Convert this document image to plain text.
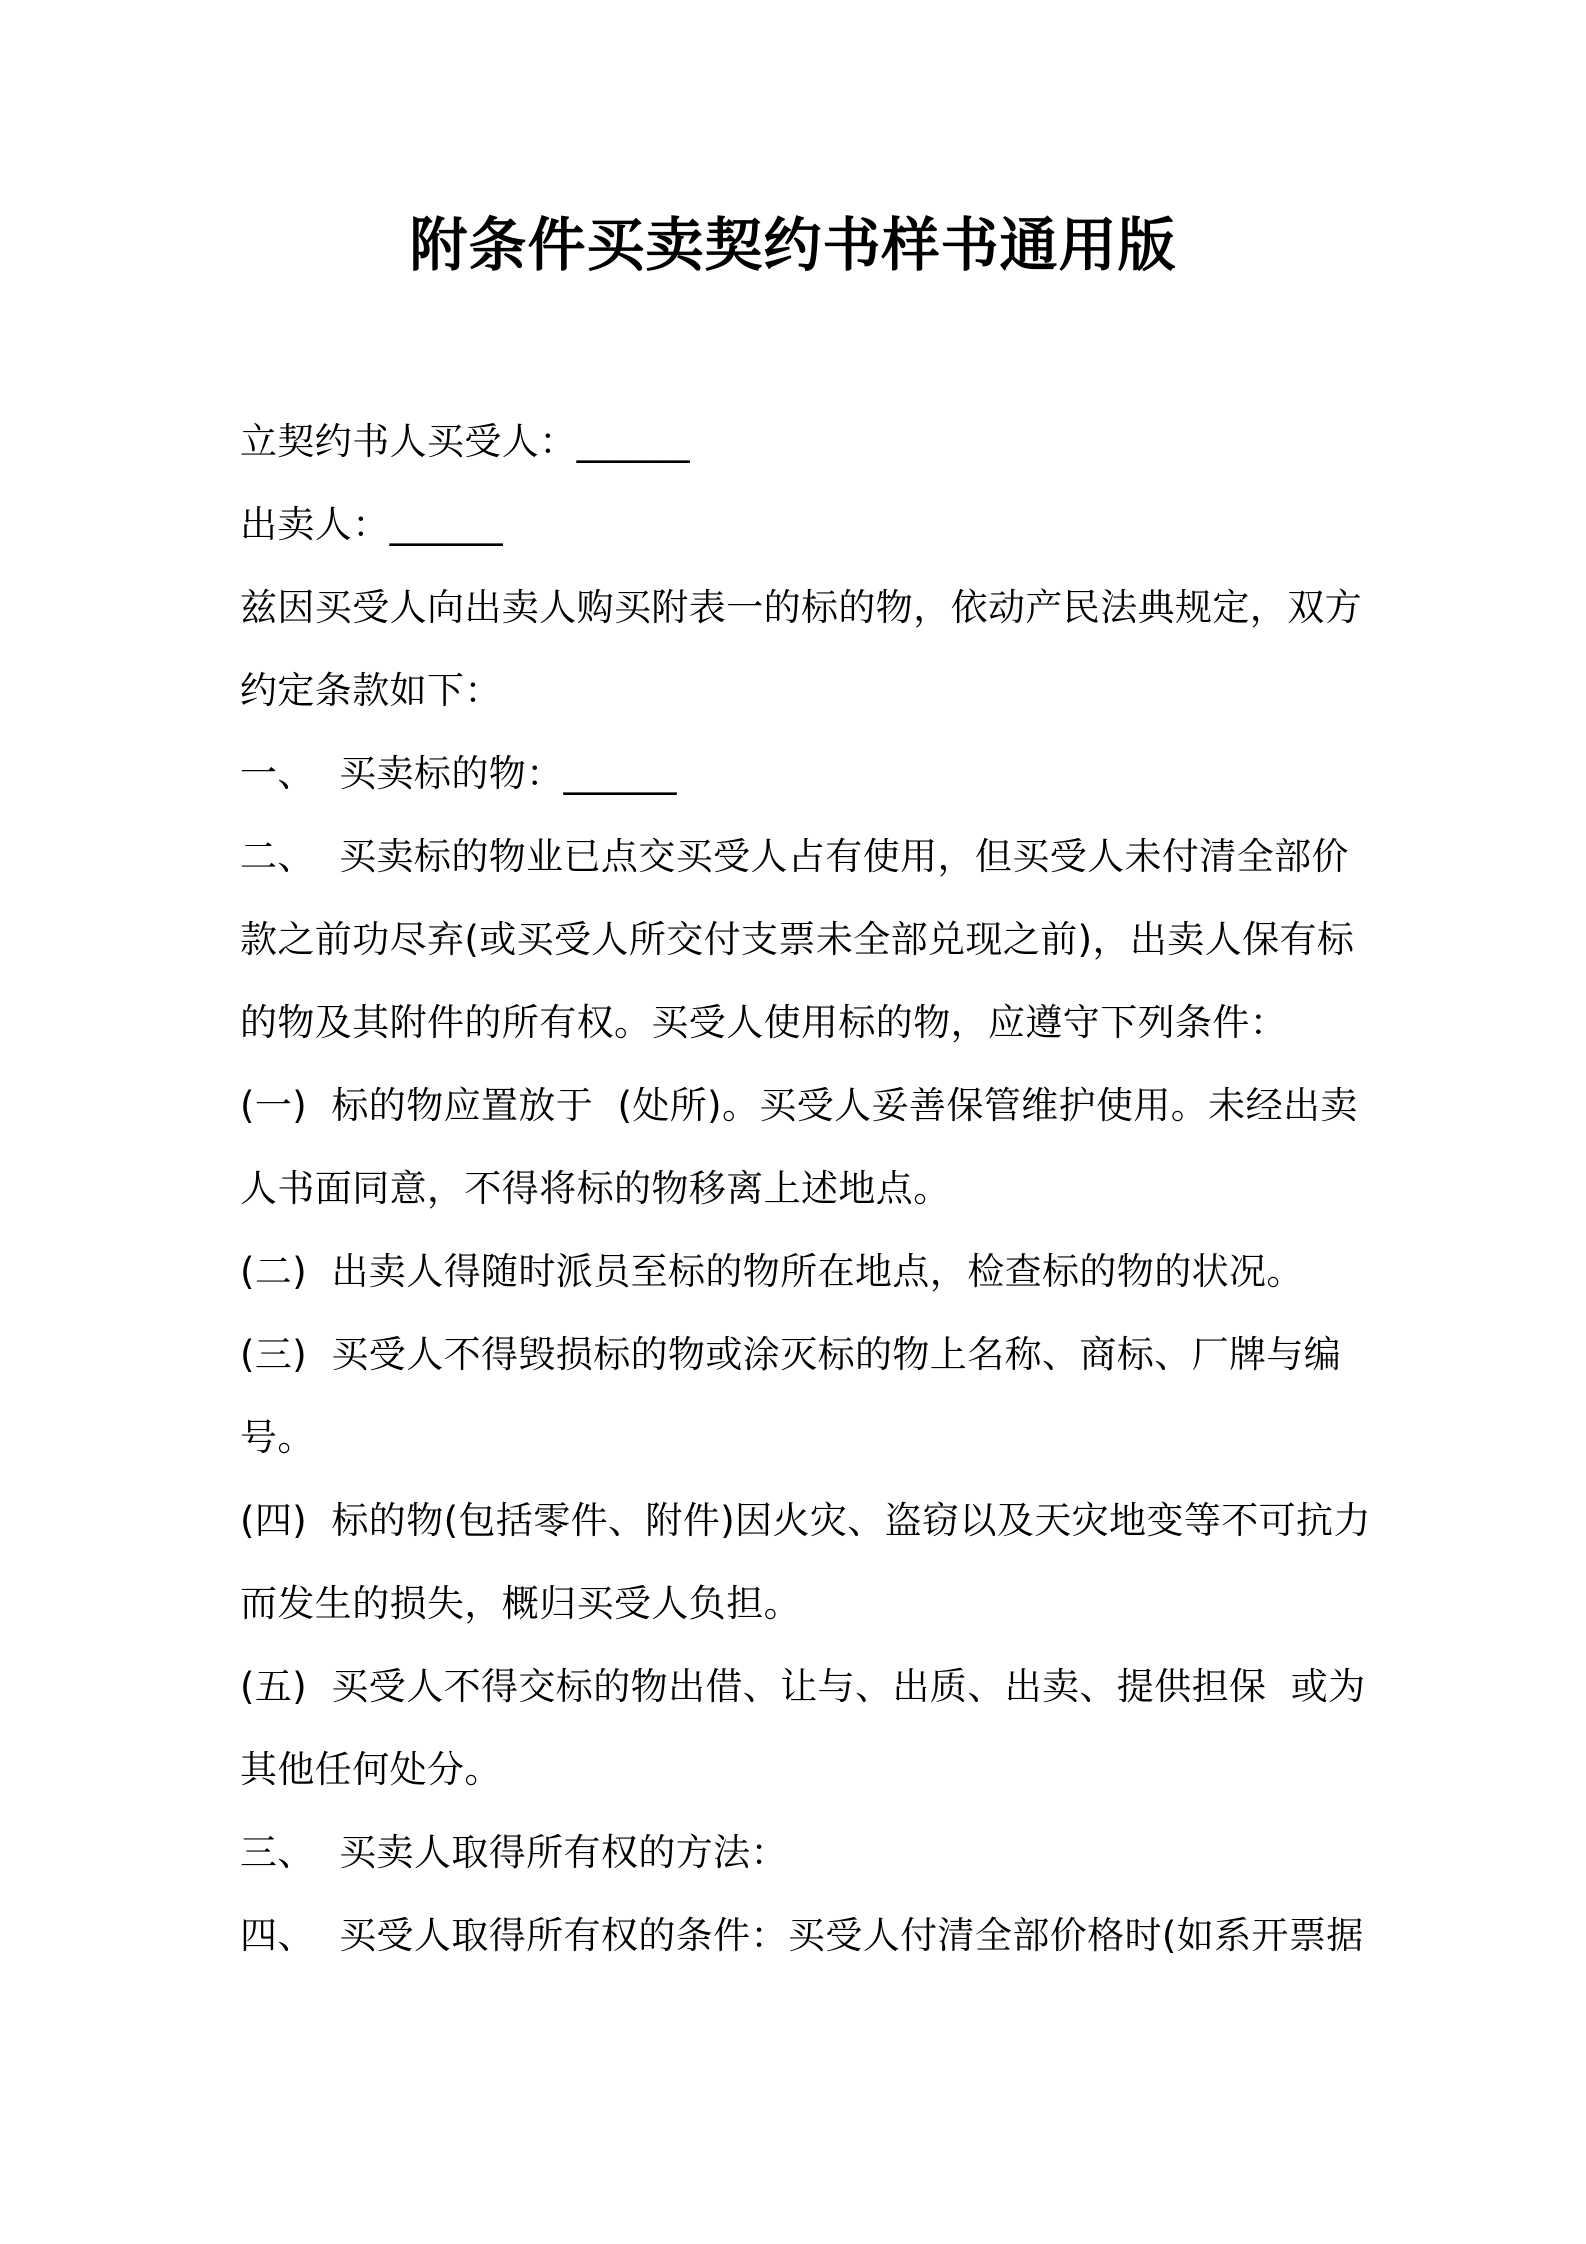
附条件买卖契约书样书通用版
立契约书人买受人：______
出卖人：______
兹因买受人向出卖人购买附表一的标的物，依动产民法典规定，双方
约定条款如下：
一、  买卖标的物：______
二、  买卖标的物业已点交买受人占有使用，但买受人未付清全部价
款之前功尽弃(或买受人所交付支票未全部兑现之前)，出卖人保有标
的物及其附件的所有权。买受人使用标的物，应遵守下列条件：
(一)  标的物应置放于  (处所)。买受人妥善保管维护使用。未经出卖
人书面同意，不得将标的物移离上述地点。
(二)  出卖人得随时派员至标的物所在地点，检查标的物的状况。
(三)  买受人不得毁损标的物或涂灭标的物上名称、商标、厂牌与编
号。
(四)  标的物(包括零件、附件)因火灾、盗窃以及天灾地变等不可抗力
而发生的损失，概归买受人负担。
(五)  买受人不得交标的物出借、让与、出质、出卖、提供担保  或为
其他任何处分。
三、  买卖人取得所有权的方法：
四、  买受人取得所有权的条件：买受人付清全部价格时(如系开票据
